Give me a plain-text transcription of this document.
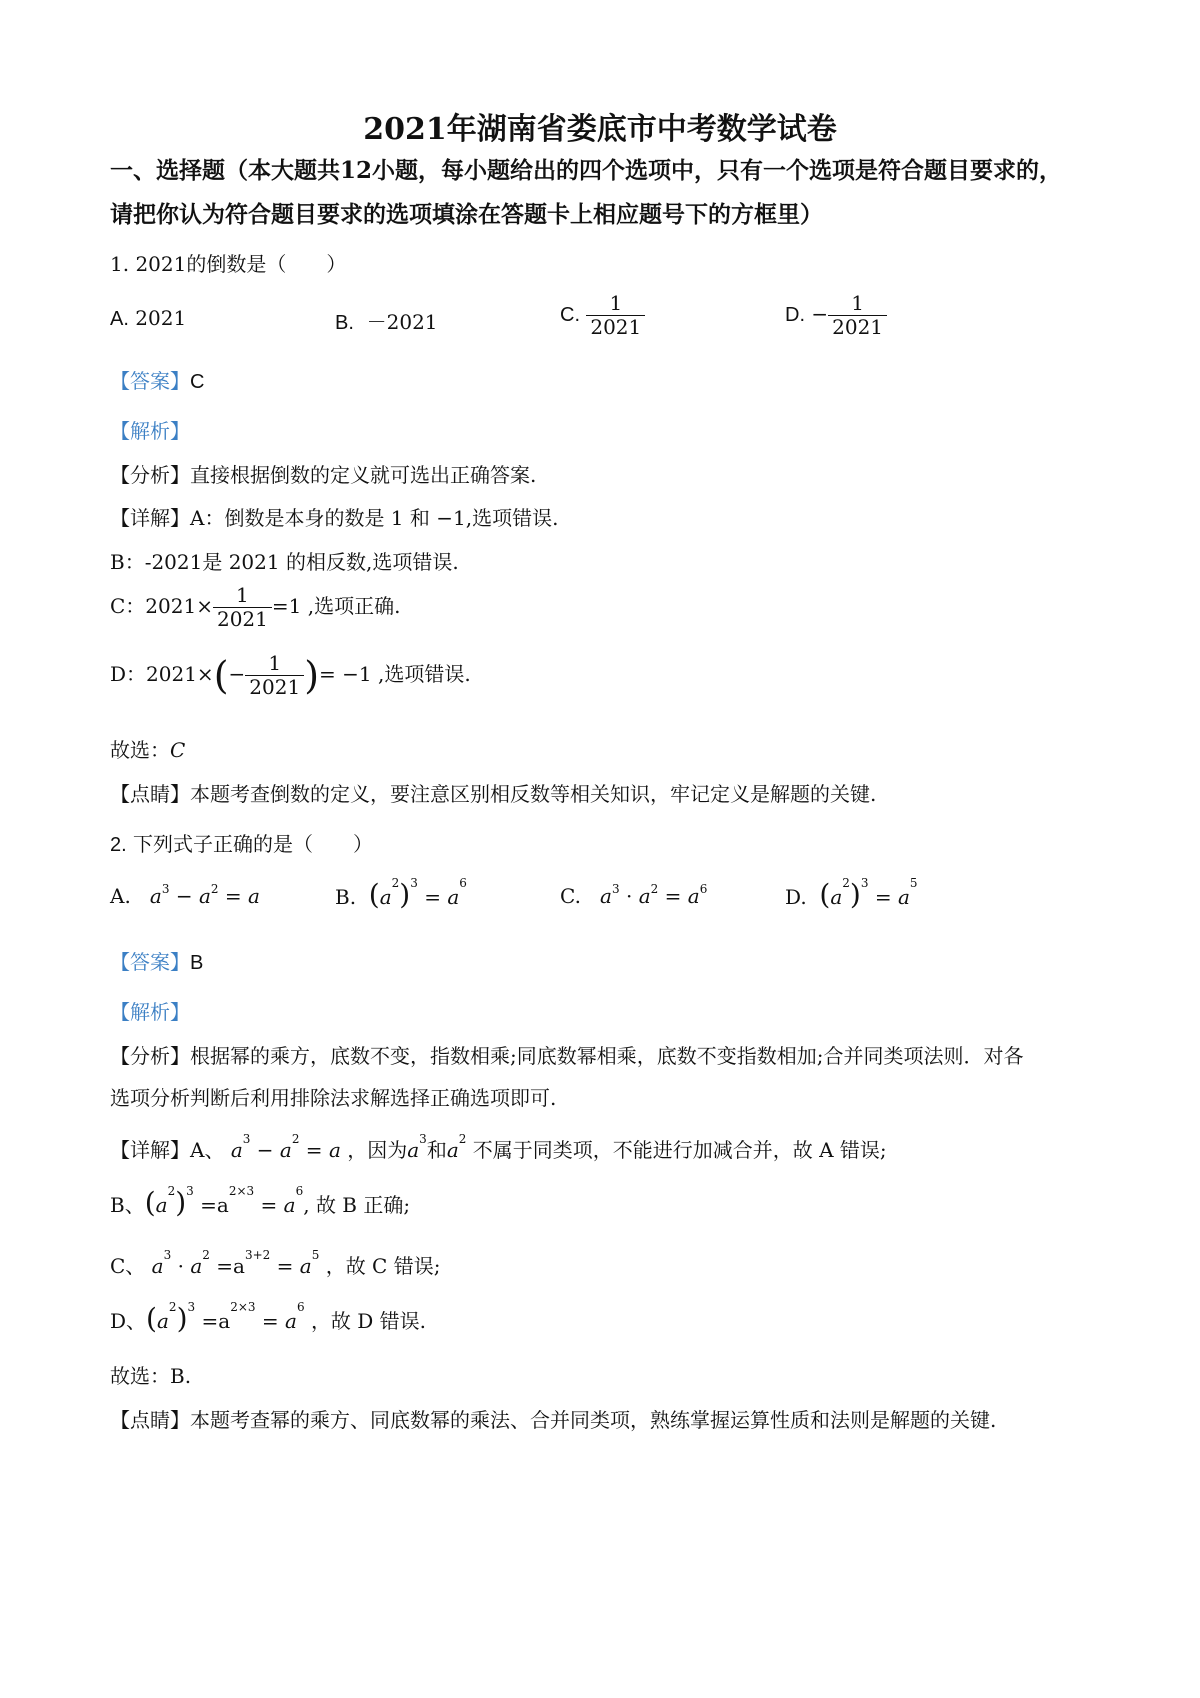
2021年湖南省娄底市中考数学试卷
一、选择题（本大题共12小题，每小题给出的四个选项中，只有一个选项是符合题目要求的，
请把你认为符合题目要求的选项填涂在答题卡上相应题号下的方框里）
1. 2021的倒数是（　　）
A. 2021	B.  －2021	C. $\frac{1}{2021}$	D. − $\frac{1}{2021}$
【答案】C
【解析】
【分析】直接根据倒数的定义就可选出正确答案.
【详解】A：倒数是本身的数是 1 和 −1,选项错误.
B：-2021是 2021 的相反数,选项错误.
C：$2021\times \frac{1}{2021} =1$ ,选项正确.
D：$2021\times(- \frac{1}{2021}$ )= −1 ,选项错误.
故选：C
【点睛】本题考查倒数的定义，要注意区别相反数等相关知识，牢记定义是解题的关键.
2. 下列式子正确的是（　　）
A. $a^3 - a^2 = a$	B. $(a^2)^3 = a^6$
C. $a^3 \cdot a^2 = a^6$	D. $(a^2)^3 = a^5$
【答案】B
【解析】
【分析】根据幂的乘方，底数不变，指数相乘;同底数幂相乘，底数不变指数相加;合并同类项法则．对各
选项分析判断后利用排除法求解选择正确选项即可.
【详解】A、 $a^3 - a^2 = a$ ，因为$a^3$和$a^2$ 不属于同类项，不能进行加减合并，故 A 错误;
B、$(a^2)^3 =a^{2\times 3} = a^6$, 故 B 正确;
C、 $a^3 \cdot a^2 =a^{3+2} = a^5$ ，故 C 错误;
D、$(a^2)^3 =a^{2\times 3} = a^6$ ，故 D 错误.
故选：B.
【点睛】本题考查幂的乘方、同底数幂的乘法、合并同类项，熟练掌握运算性质和法则是解题的关键.
